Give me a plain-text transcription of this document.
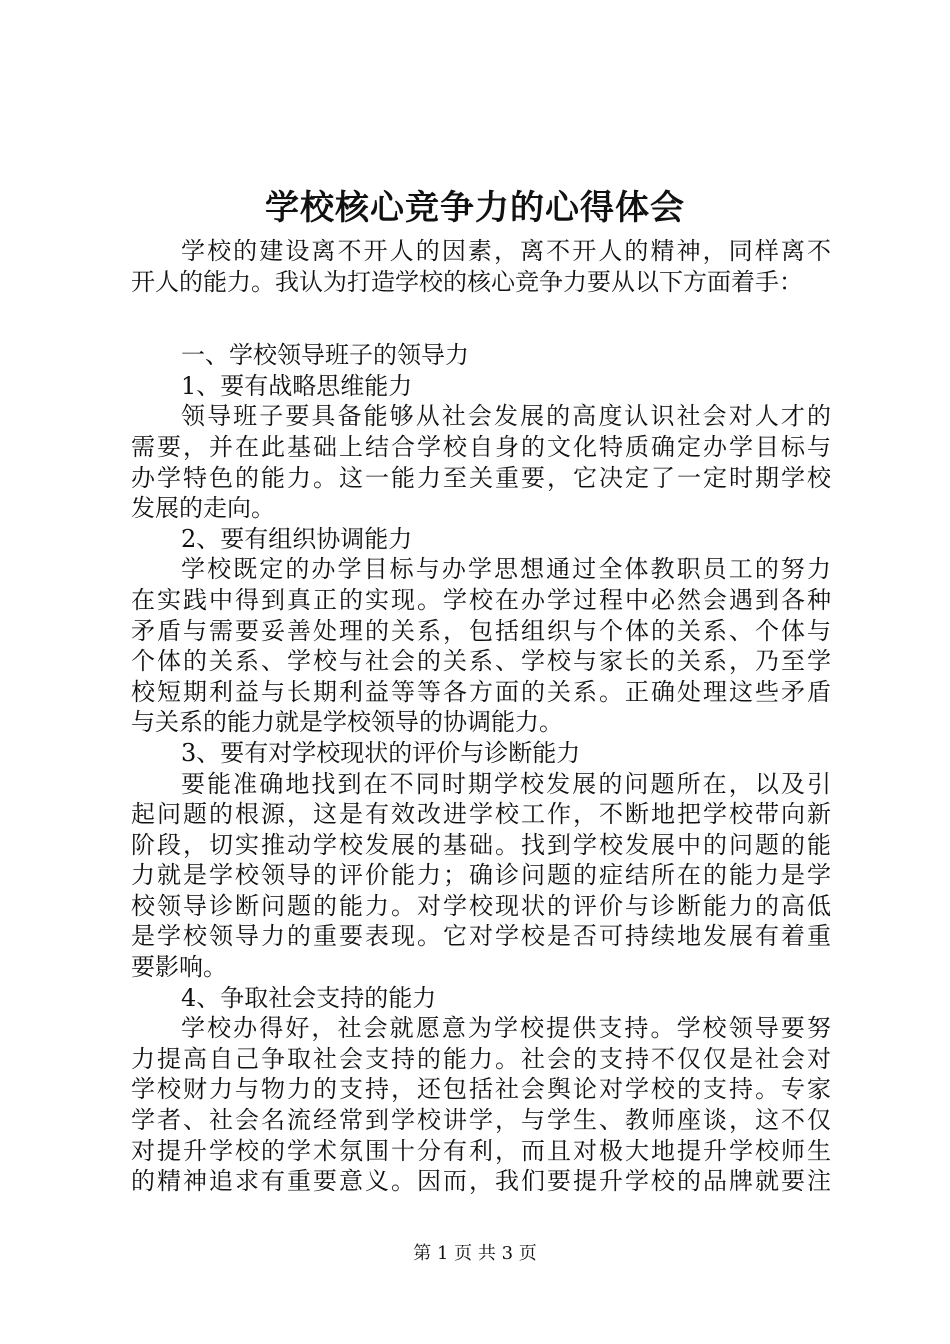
学校核心竞争力的心得体会
学校的建设离不开人的因素，离不开人的精神，同样离不
开人的能力。我认为打造学校的核心竞争力要从以下方面着手：
一、学校领导班子的领导力
1、要有战略思维能力
领导班子要具备能够从社会发展的高度认识社会对人才的
需要，并在此基础上结合学校自身的文化特质确定办学目标与
办学特色的能力。这一能力至关重要，它决定了一定时期学校
发展的走向。
2、要有组织协调能力
学校既定的办学目标与办学思想通过全体教职员工的努力
在实践中得到真正的实现。学校在办学过程中必然会遇到各种
矛盾与需要妥善处理的关系，包括组织与个体的关系、个体与
个体的关系、学校与社会的关系、学校与家长的关系，乃至学
校短期利益与长期利益等等各方面的关系。正确处理这些矛盾
与关系的能力就是学校领导的协调能力。
3、要有对学校现状的评价与诊断能力
要能准确地找到在不同时期学校发展的问题所在，以及引
起问题的根源，这是有效改进学校工作，不断地把学校带向新
阶段，切实推动学校发展的基础。找到学校发展中的问题的能
力就是学校领导的评价能力；确诊问题的症结所在的能力是学
校领导诊断问题的能力。对学校现状的评价与诊断能力的高低
是学校领导力的重要表现。它对学校是否可持续地发展有着重
要影响。
4、争取社会支持的能力
学校办得好，社会就愿意为学校提供支持。学校领导要努
力提高自己争取社会支持的能力。社会的支持不仅仅是社会对
学校财力与物力的支持，还包括社会舆论对学校的支持。专家
学者、社会名流经常到学校讲学，与学生、教师座谈，这不仅
对提升学校的学术氛围十分有利，而且对极大地提升学校师生
的精神追求有重要意义。因而，我们要提升学校的品牌就要注
第 1 页 共 3 页
